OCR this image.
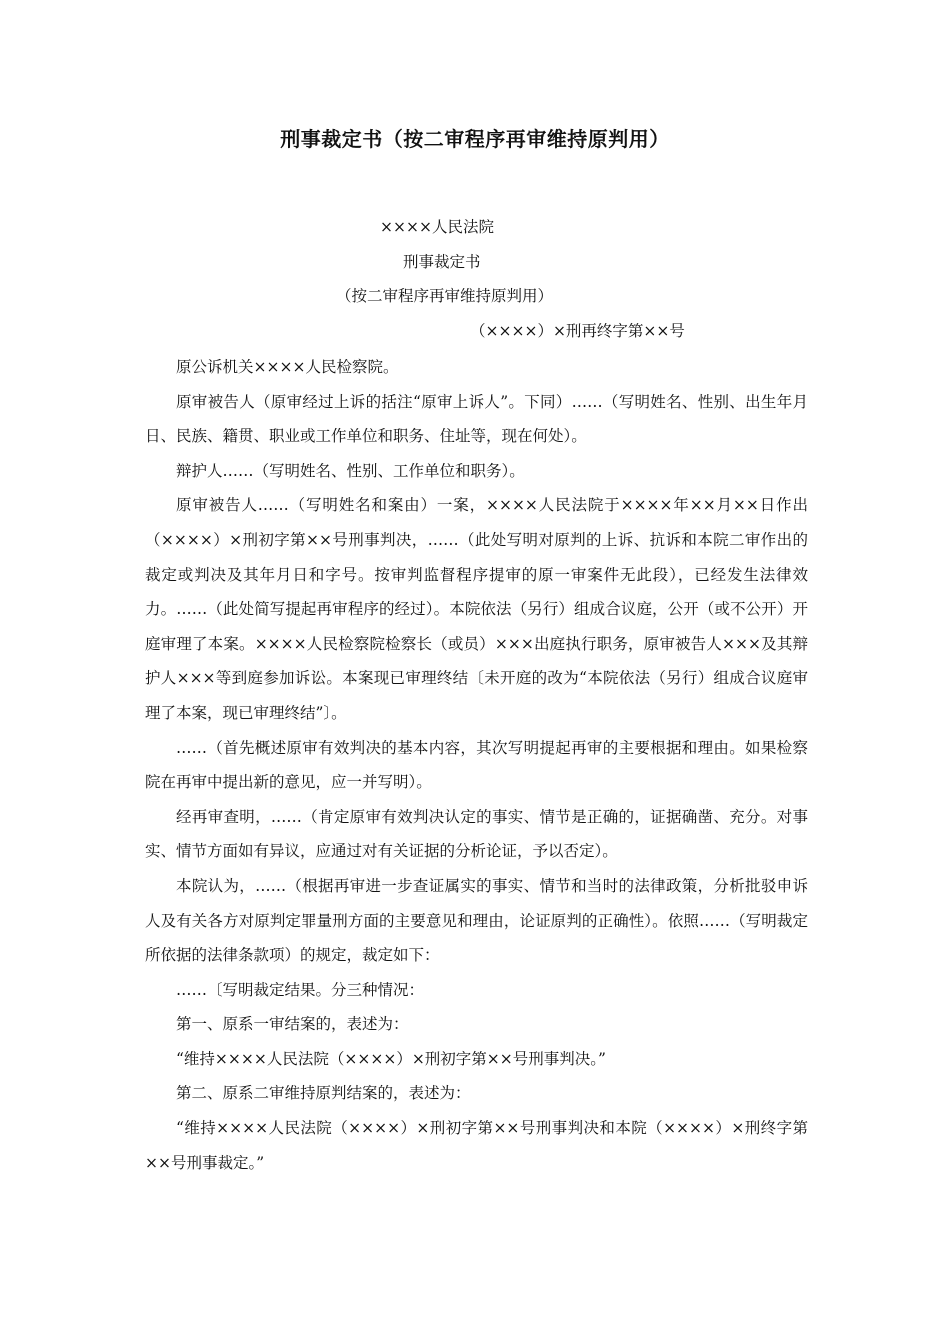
刑事裁定书（按二审程序再审维持原判用）
××××人民法院
刑事裁定书
（按二审程序再审维持原判用）
（××××）×刑再终字第××号

原公诉机关××××人民检察院。

原审被告人（原审经过上诉的括注“原审上诉人”。下同）……（写明姓名、性别、出生年月日、民族、籍贯、职业或工作单位和职务、住址等，现在何处）。

辩护人……（写明姓名、性别、工作单位和职务）。

原审被告人……（写明姓名和案由）一案，××××人民法院于××××年××月××日作出（××××）×刑初字第××号刑事判决，……（此处写明对原判的上诉、抗诉和本院二审作出的裁定或判决及其年月日和字号。按审判监督程序提审的原一审案件无此段），已经发生法律效力。……（此处简写提起再审程序的经过）。本院依法（另行）组成合议庭，公开（或不公开）开庭审理了本案。××××人民检察院检察长（或员）×××出庭执行职务，原审被告人×××及其辩护人×××等到庭参加诉讼。本案现已审理终结〔未开庭的改为“本院依法（另行）组成合议庭审理了本案，现已审理终结”〕。

……（首先概述原审有效判决的基本内容，其次写明提起再审的主要根据和理由。如果检察院在再审中提出新的意见，应一并写明）。

经再审查明，……（肯定原审有效判决认定的事实、情节是正确的，证据确凿、充分。对事实、情节方面如有异议，应通过对有关证据的分析论证，予以否定）。

本院认为，……（根据再审进一步查证属实的事实、情节和当时的法律政策，分析批驳申诉人及有关各方对原判定罪量刑方面的主要意见和理由，论证原判的正确性）。依照……（写明裁定所依据的法律条款项）的规定，裁定如下：

……〔写明裁定结果。分三种情况：

第一、原系一审结案的，表述为：

“维持××××人民法院（××××）×刑初字第××号刑事判决。”

第二、原系二审维持原判结案的，表述为：

“维持××××人民法院（××××）×刑初字第××号刑事判决和本院（××××）×刑终字第××号刑事裁定。”
